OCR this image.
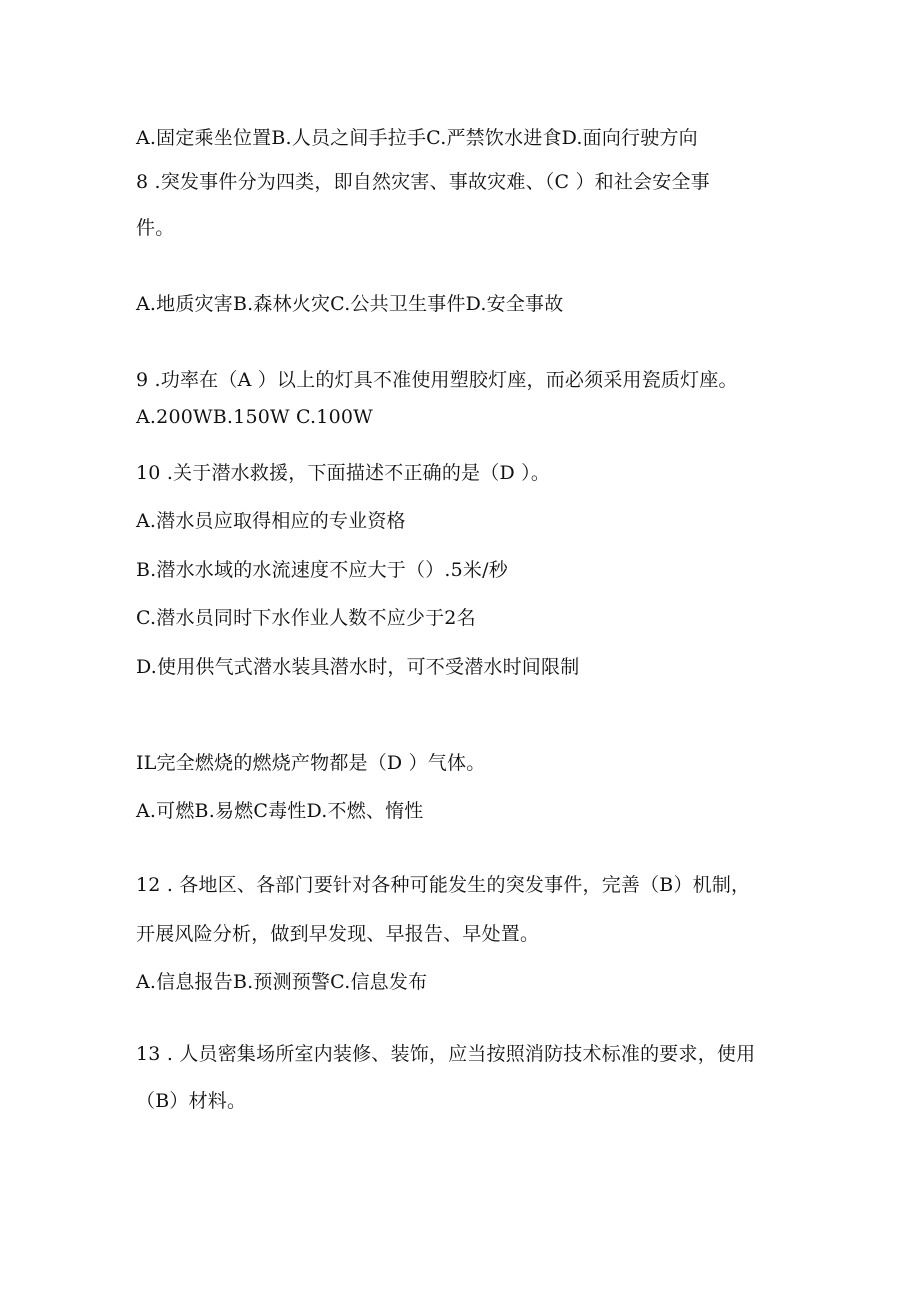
A.固定乘坐位置B.人员之间手拉手C.严禁饮水进食D.面向行驶方向
8 .突发事件分为四类，即自然灾害、事故灾难、（C ）和社会安全事
件。
A.地质灾害B.森林火灾C.公共卫生事件D.安全事故
9 .功率在（A ）以上的灯具不准使用塑胶灯座，而必须采用瓷质灯座。
A.200WB.150W C.100W
10 .关于潜水救援，下面描述不正确的是（D ）。
A.潜水员应取得相应的专业资格
B.潜水水域的水流速度不应大于（）.5米/秒
C.潜水员同时下水作业人数不应少于2名
D.使用供气式潜水装具潜水时，可不受潜水时间限制
IL完全燃烧的燃烧产物都是（D ）气体。
A.可燃B.易燃C毒性D.不燃、惰性
12 . 各地区、各部门要针对各种可能发生的突发事件，完善（B）机制，
开展风险分析，做到早发现、早报告、早处置。
A.信息报告B.预测预警C.信息发布
13 . 人员密集场所室内装修、装饰，应当按照消防技术标准的要求，使用
（B）材料。
